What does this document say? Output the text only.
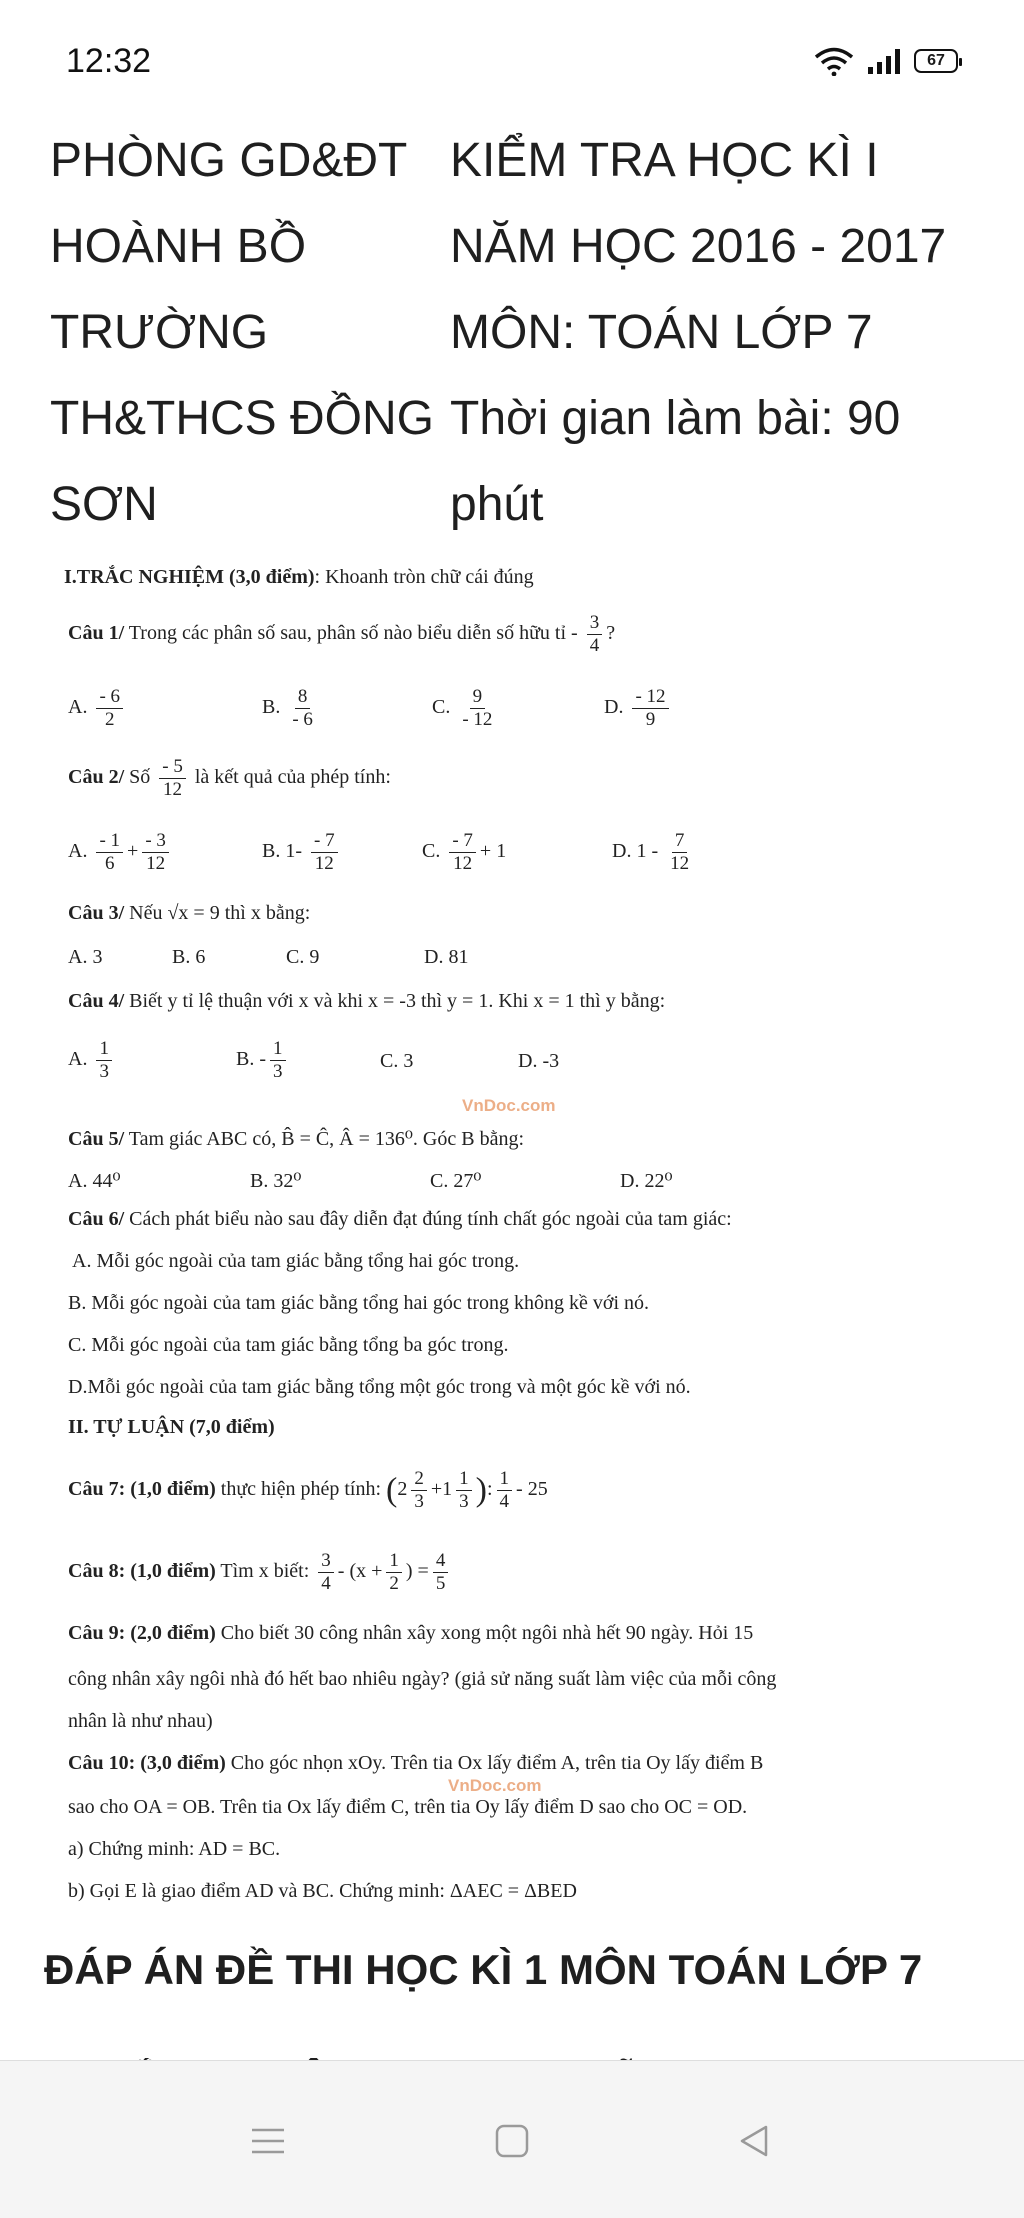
12:32	67
PHÒNG GD&ĐT
HOÀNH BỒ
TRƯỜNG
TH&THCS ĐỒNG
SƠN
KIỂM TRA HỌC KÌ I
NĂM HỌC 2016 - 2017
MÔN: TOÁN LỚP 7
Thời gian làm bài: 90
phút
I.TRẮC NGHIỆM (3,0 điểm): Khoanh tròn chữ cái đúng
Câu 1/ Trong các phân số sau, phân số nào biểu diễn số hữu tỉ - $\frac{3}{4}$ ?
A. $\frac{- 6}{2}$	B. $\frac{8}{- 6}$	C. $\frac{9}{- 12}$	D. $\frac{- 12}{9}$
Câu 2/ Số $\frac{- 5}{12}$ là kết quả của phép tính:
A. $\frac{- 1}{6} + \frac{- 3}{12}$	B. $1- \frac{- 7}{12}$	C. $\frac{- 7}{12} + 1$	D. $1 - \frac{7}{12}$
Câu 3/ Nếu √x = 9 thì x bằng:
A. 3	B. 6	C. 9	D. 81
Câu 4/ Biết y tỉ lệ thuận với x và khi x = -3 thì y = 1. Khi x = 1 thì y bằng:
A. $\frac{1}{3}$	B. - $\frac{1}{3}$	C. 3	D. -3
VnDoc.com
Câu 5/ Tam giác ABC có, B̂ = Ĉ, Â = 136⁰. Góc B bằng:
A. 44⁰	B. 32⁰	C. 27⁰	D. 22⁰
Câu 6/ Cách phát biểu nào sau đây diễn đạt đúng tính chất góc ngoài của tam giác:
A. Mỗi góc ngoài của tam giác bằng tổng hai góc trong.
B. Mỗi góc ngoài của tam giác bằng tổng hai góc trong không kề với nó.
C. Mỗi góc ngoài của tam giác bằng tổng ba góc trong.
D.Mỗi góc ngoài của tam giác bằng tổng một góc trong và một góc kề với nó.
II. TỰ LUẬN (7,0 điểm)
Câu 7: (1,0 điểm) thực hiện phép tính: ($2 \frac{2}{3} +1 \frac{1}{3}$ ): $\frac{1}{4} - 25$
Câu 8: (1,0 điểm) Tìm x biết: $\frac{3}{4} - (x + \frac{1}{2}$ ) = $\frac{4}{5}$
Câu 9: (2,0 điểm) Cho biết 30 công nhân xây xong một ngôi nhà hết 90 ngày. Hỏi 15
công nhân xây ngôi nhà đó hết bao nhiêu ngày? (giả sử năng suất làm việc của mỗi công
nhân là như nhau)
Câu 10: (3,0 điểm) Cho góc nhọn xOy. Trên tia Ox lấy điểm A, trên tia Oy lấy điểm B
VnDoc.com
sao cho OA = OB. Trên tia Ox lấy điểm C, trên tia Oy lấy điểm D sao cho OC = OD.
a) Chứng minh: AD = BC.
b) Gọi E là giao điểm AD và BC. Chứng minh: ΔAEC = ΔBED
ĐÁP ÁN ĐỀ THI HỌC KÌ 1 MÔN TOÁN LỚP 7
